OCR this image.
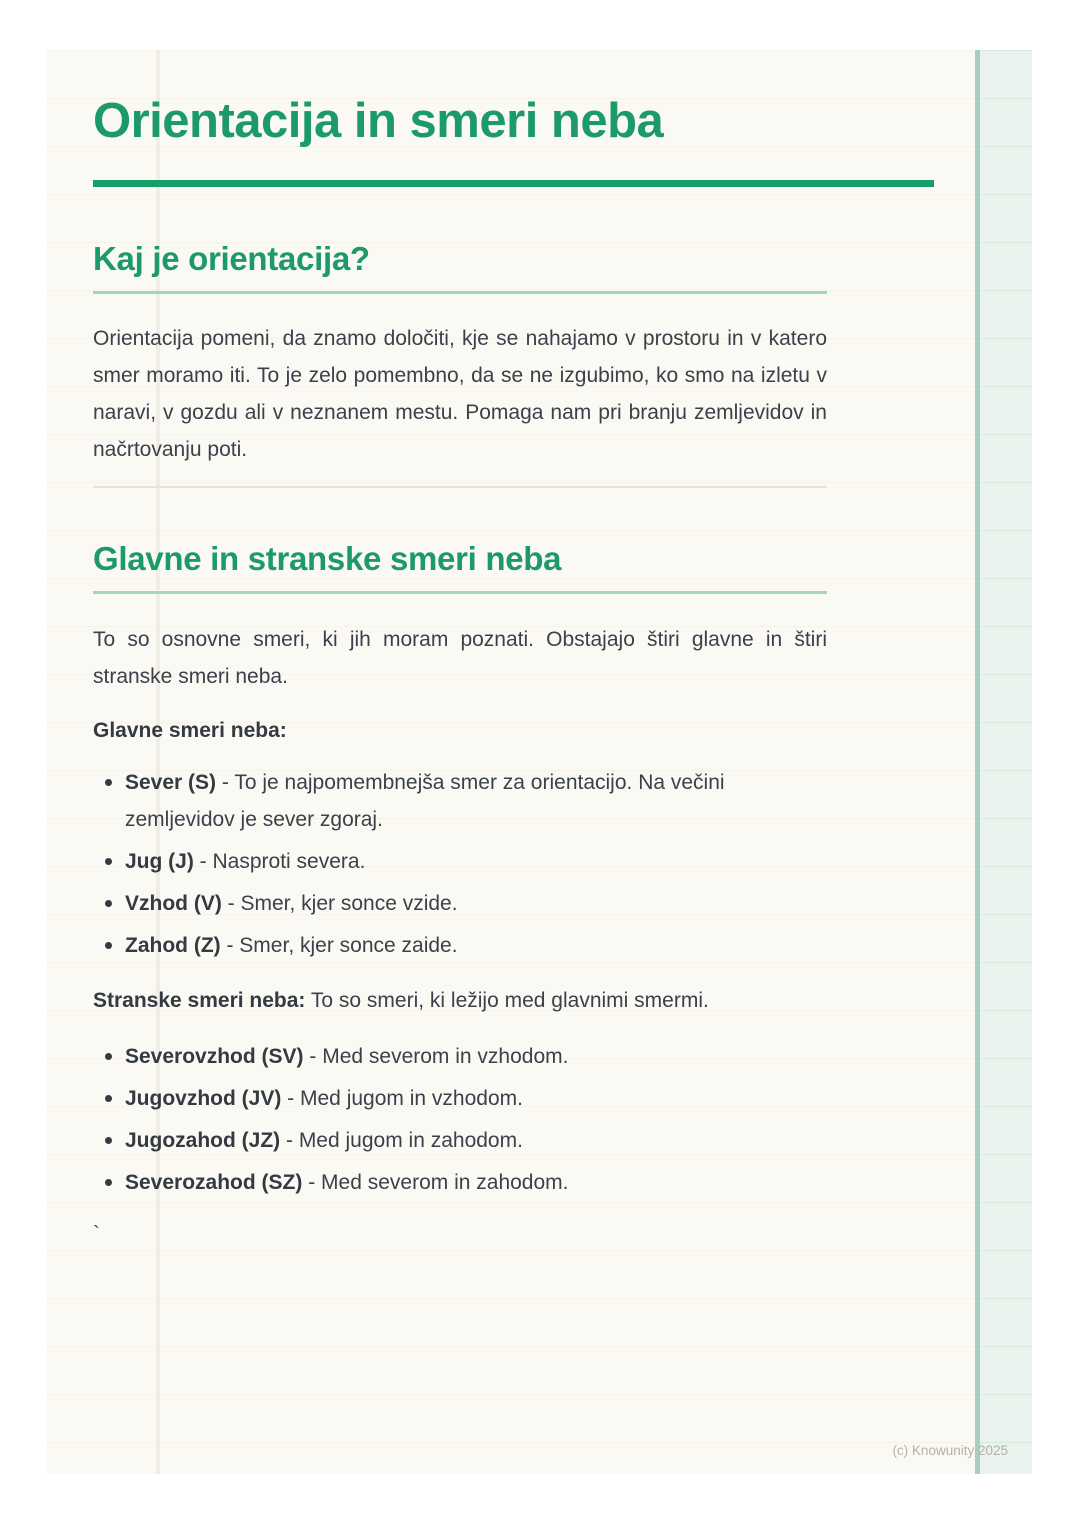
Orientacija in smeri neba
Kaj je orientacija?

Orientacija pomeni, da znamo določiti, kje se nahajamo v prostoru in v katero smer moramo iti. To je zelo pomembno, da se ne izgubimo, ko smo na izletu v naravi, v gozdu ali v neznanem mestu. Pomaga nam pri branju zemljevidov in načrtovanju poti.

Glavne in stranske smeri neba

To so osnovne smeri, ki jih moram poznati. Obstajajo štiri glavne in štiri stranske smeri neba.

Glavne smeri neba:

Sever (S) - To je najpomembnejša smer za orientacijo. Na večini zemljevidov je sever zgoraj.
Jug (J) - Nasproti severa.
Vzhod (V) - Smer, kjer sonce vzide.
Zahod (Z) - Smer, kjer sonce zaide.

Stranske smeri neba: To so smeri, ki ležijo med glavnimi smermi.

Severovzhod (SV) - Med severom in vzhodom.
Jugovzhod (JV) - Med jugom in vzhodom.
Jugozahod (JZ) - Med jugom in zahodom.
Severozahod (SZ) - Med severom in zahodom.
`
(c) Knowunity 2025
